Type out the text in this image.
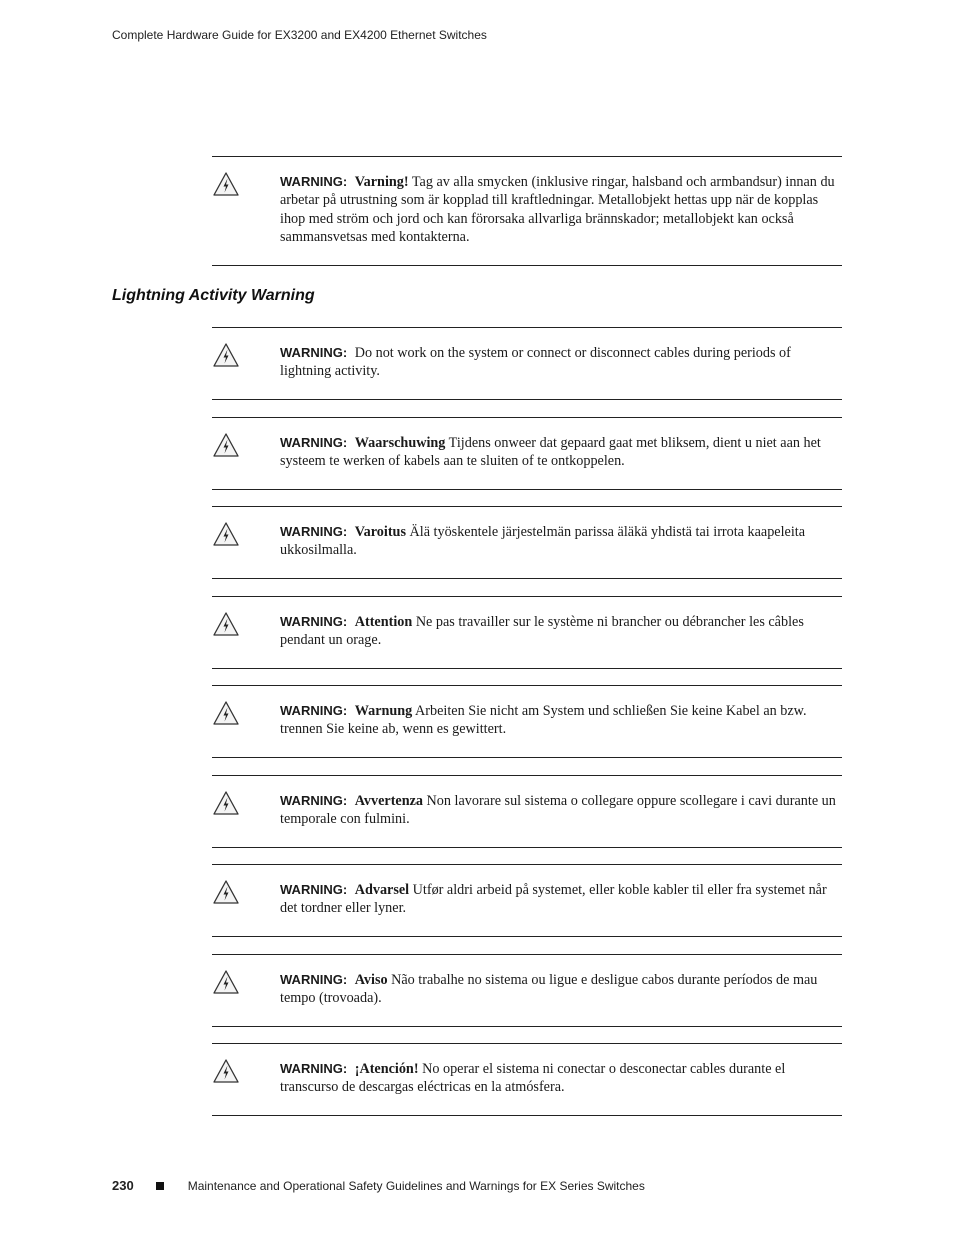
Complete Hardware Guide for EX3200 and EX4200 Ethernet Switches
WARNING: Varning! Tag av alla smycken (inklusive ringar, halsband och armbandsur) innan du arbetar på utrustning som är kopplad till kraftledningar. Metallobjekt hettas upp när de kopplas ihop med ström och jord och kan förorsaka allvarliga brännskador; metallobjekt kan också sammansvetsas med kontakterna.
Lightning Activity Warning
WARNING: Do not work on the system or connect or disconnect cables during periods of lightning activity.
WARNING: Waarschuwing Tijdens onweer dat gepaard gaat met bliksem, dient u niet aan het systeem te werken of kabels aan te sluiten of te ontkoppelen.
WARNING: Varoitus Älä työskentele järjestelmän parissa äläkä yhdistä tai irrota kaapeleita ukkosilmalla.
WARNING: Attention Ne pas travailler sur le système ni brancher ou débrancher les câbles pendant un orage.
WARNING: Warnung Arbeiten Sie nicht am System und schließen Sie keine Kabel an bzw. trennen Sie keine ab, wenn es gewittert.
WARNING: Avvertenza Non lavorare sul sistema o collegare oppure scollegare i cavi durante un temporale con fulmini.
WARNING: Advarsel Utfør aldri arbeid på systemet, eller koble kabler til eller fra systemet når det tordner eller lyner.
WARNING: Aviso Não trabalhe no sistema ou ligue e desligue cabos durante períodos de mau tempo (trovoada).
WARNING: ¡Atención! No operar el sistema ni conectar o desconectar cables durante el transcurso de descargas eléctricas en la atmósfera.
230	Maintenance and Operational Safety Guidelines and Warnings for EX Series Switches
